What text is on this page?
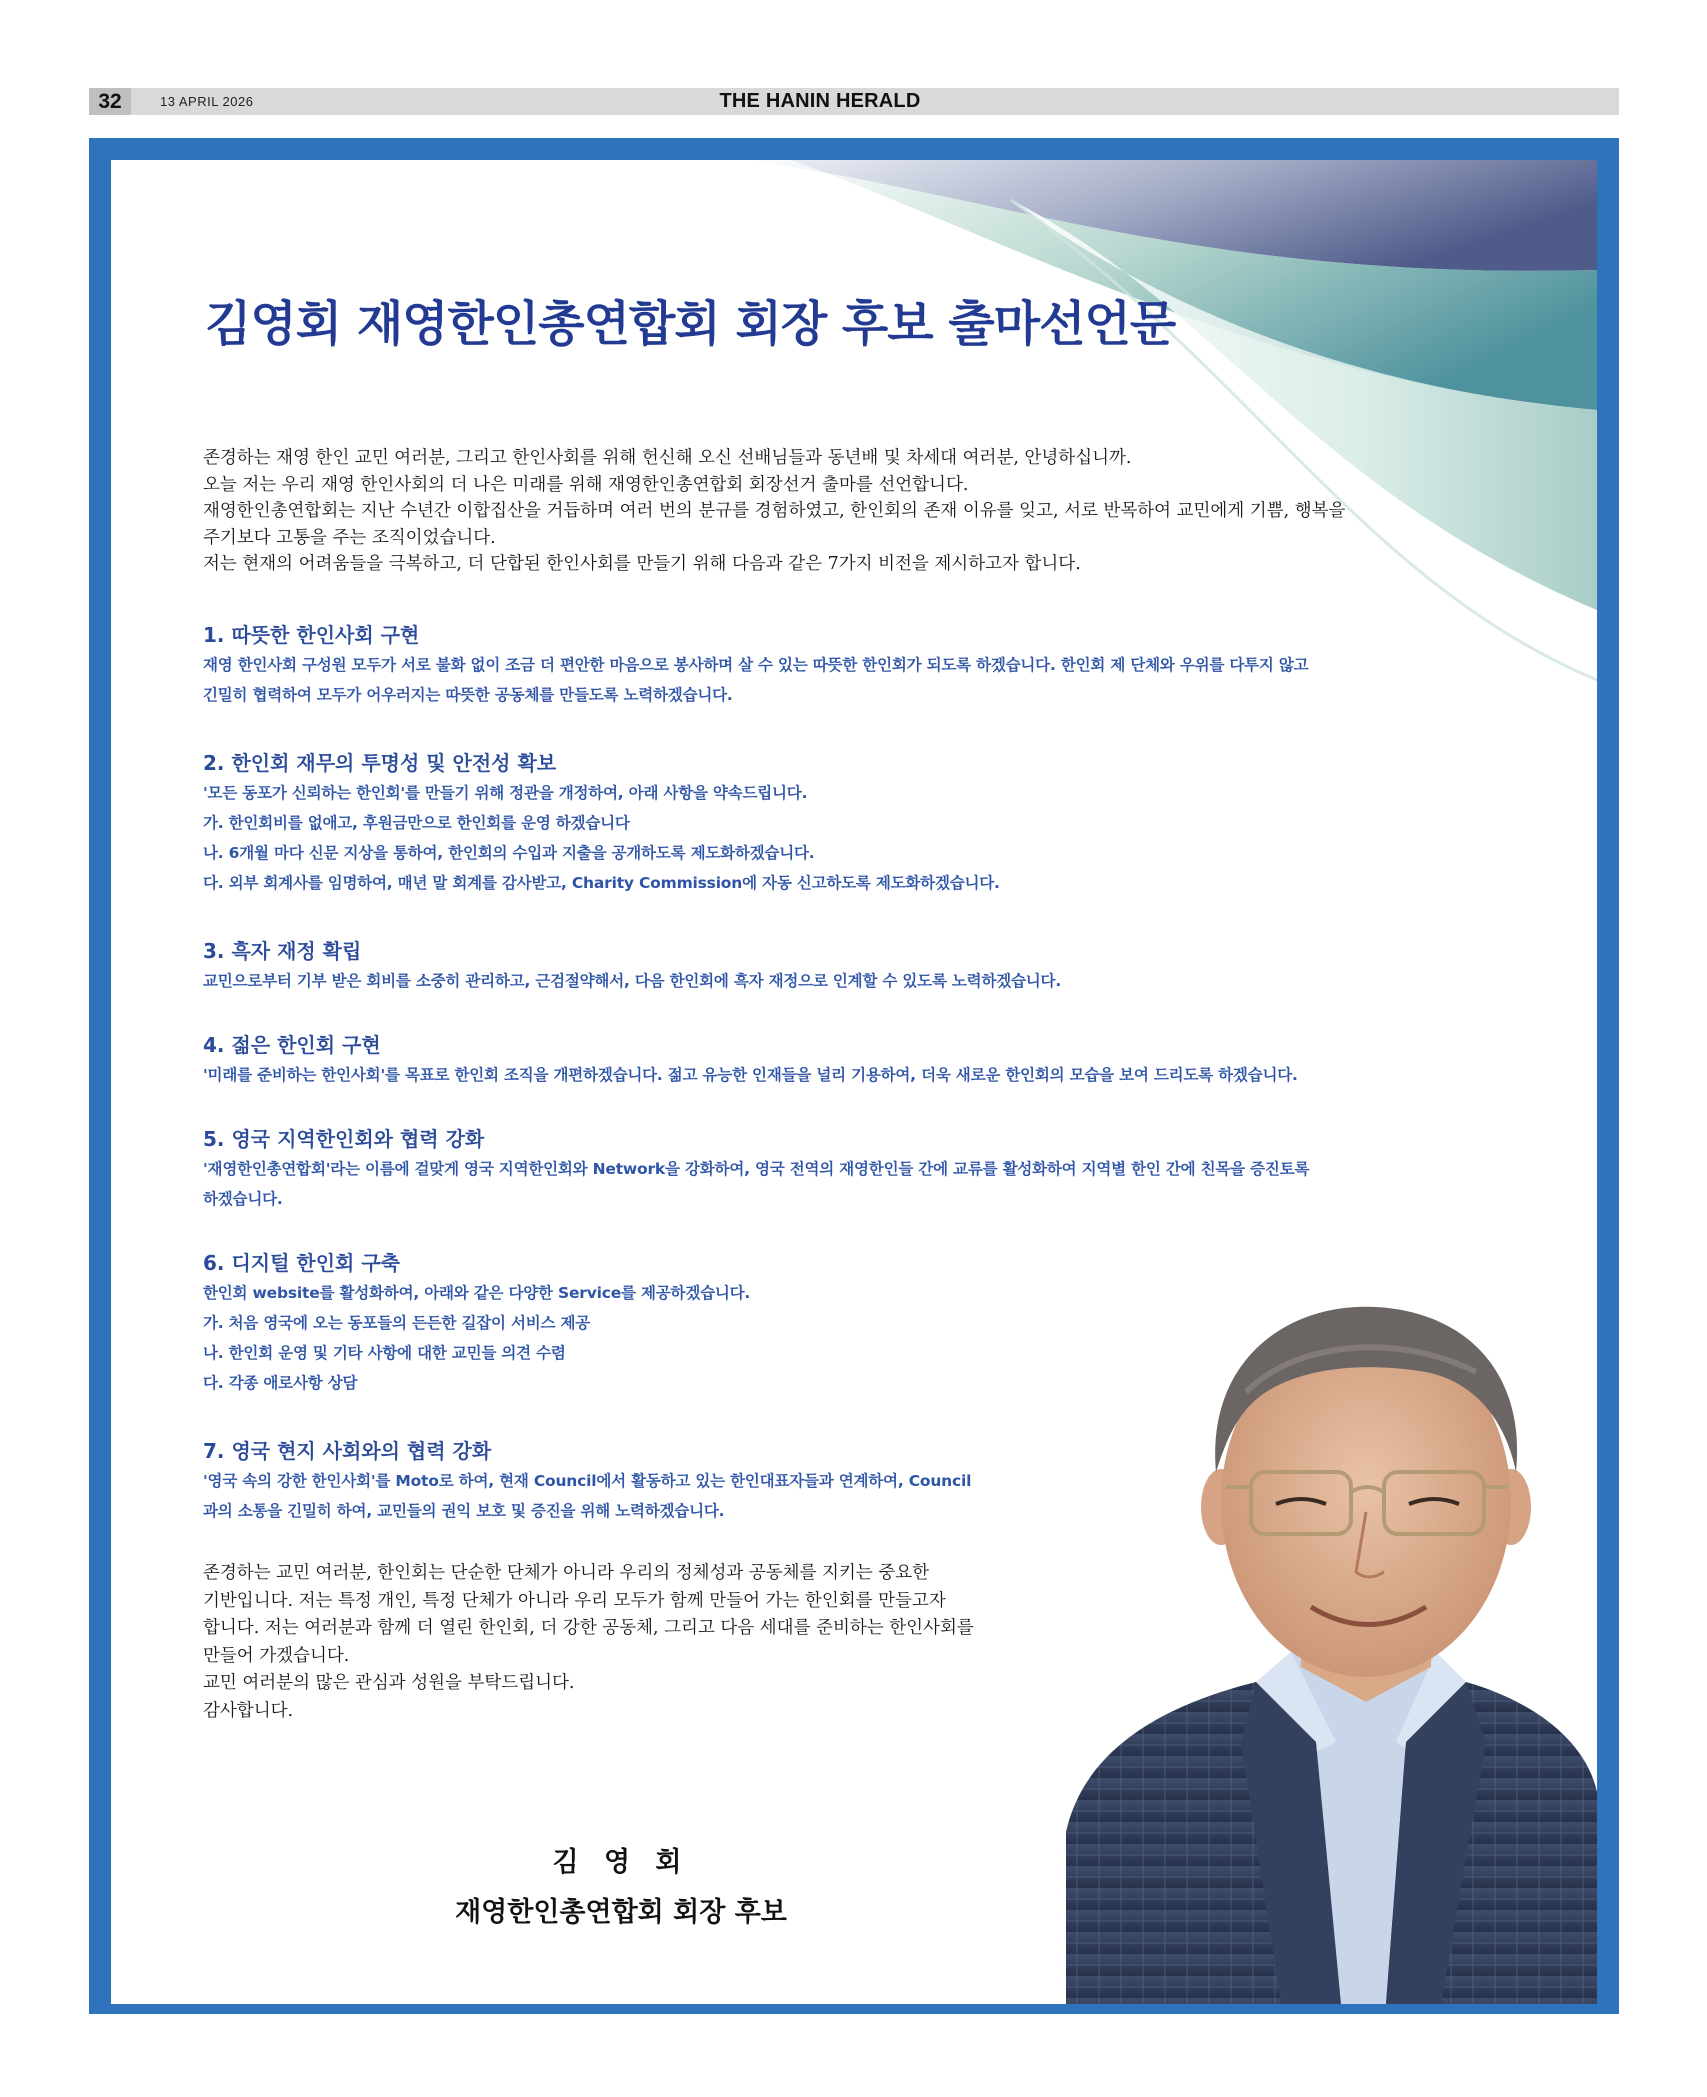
32	13 APRIL 2026	THE HANIN HERALD
김영회 재영한인총연합회 회장 후보 출마선언문

존경하는 재영 한인 교민 여러분, 그리고 한인사회를 위해 헌신해 오신 선배님들과 동년배 및 차세대 여러분, 안녕하십니까.

오늘 저는 우리 재영 한인사회의 더 나은 미래를 위해 재영한인총연합회 회장선거 출마를 선언합니다.

재영한인총연합회는 지난 수년간 이합집산을 거듭하며 여러 번의 분규를 경험하였고, 한인회의 존재 이유를 잊고, 서로 반목하여 교민에게 기쁨, 행복을

주기보다 고통을 주는 조직이었습니다.

저는 현재의 어려움들을 극복하고, 더 단합된 한인사회를 만들기 위해 다음과 같은 7가지 비전을 제시하고자 합니다.

1. 따뜻한 한인사회 구현
재영 한인사회 구성원 모두가 서로 불화 없이 조금 더 편안한 마음으로 봉사하며 살 수 있는 따뜻한 한인회가 되도록 하겠습니다. 한인회 제 단체와 우위를 다투지 않고
긴밀히 협력하여 모두가 어우러지는 따뜻한 공동체를 만들도록 노력하겠습니다.
2. 한인회 재무의 투명성 및 안전성 확보
'모든 동포가 신뢰하는 한인회'를 만들기 위해 정관을 개정하여, 아래 사항을 약속드립니다.
가. 한인회비를 없애고, 후원금만으로 한인회를 운영 하겠습니다
나. 6개월 마다 신문 지상을 통하여, 한인회의 수입과 지출을 공개하도록 제도화하겠습니다.
다. 외부 회계사를 임명하여, 매년 말 회계를 감사받고, Charity Commission에 자동 신고하도록 제도화하겠습니다.
3. 흑자 재정 확립
교민으로부터 기부 받은 회비를 소중히 관리하고, 근검절약해서, 다음 한인회에 흑자 재정으로 인계할 수 있도록 노력하겠습니다.
4. 젊은 한인회 구현
'미래를 준비하는 한인사회'를 목표로 한인회 조직을 개편하겠습니다. 젊고 유능한 인재들을 널리 기용하여, 더욱 새로운 한인회의 모습을 보여 드리도록 하겠습니다.
5. 영국 지역한인회와 협력 강화
'재영한인총연합회'라는 이름에 걸맞게 영국 지역한인회와 Network을 강화하여, 영국 전역의 재영한인들 간에 교류를 활성화하여 지역별 한인 간에 친목을 증진토록
하겠습니다.
6. 디지털 한인회 구축
한인회 website를 활성화하여, 아래와 같은 다양한 Service를 제공하겠습니다.
가. 처음 영국에 오는 동포들의 든든한 길잡이 서비스 제공
나. 한인회 운영 및 기타 사항에 대한 교민들 의견 수렴
다. 각종 애로사항 상담
7. 영국 현지 사회와의 협력 강화
'영국 속의 강한 한인사회'를 Moto로 하여, 현재 Council에서 활동하고 있는 한인대표자들과 연계하여, Council
과의 소통을 긴밀히 하여, 교민들의 권익 보호 및 증진을 위해 노력하겠습니다.

존경하는 교민 여러분, 한인회는 단순한 단체가 아니라 우리의 정체성과 공동체를 지키는 중요한

기반입니다. 저는 특정 개인, 특정 단체가 아니라 우리 모두가 함께 만들어 가는 한인회를 만들고자

합니다. 저는 여러분과 함께 더 열린 한인회, 더 강한 공동체, 그리고 다음 세대를 준비하는 한인사회를

만들어 가겠습니다.

교민 여러분의 많은 관심과 성원을 부탁드립니다.

감사합니다.

김 영 회
재영한인총연합회 회장 후보
